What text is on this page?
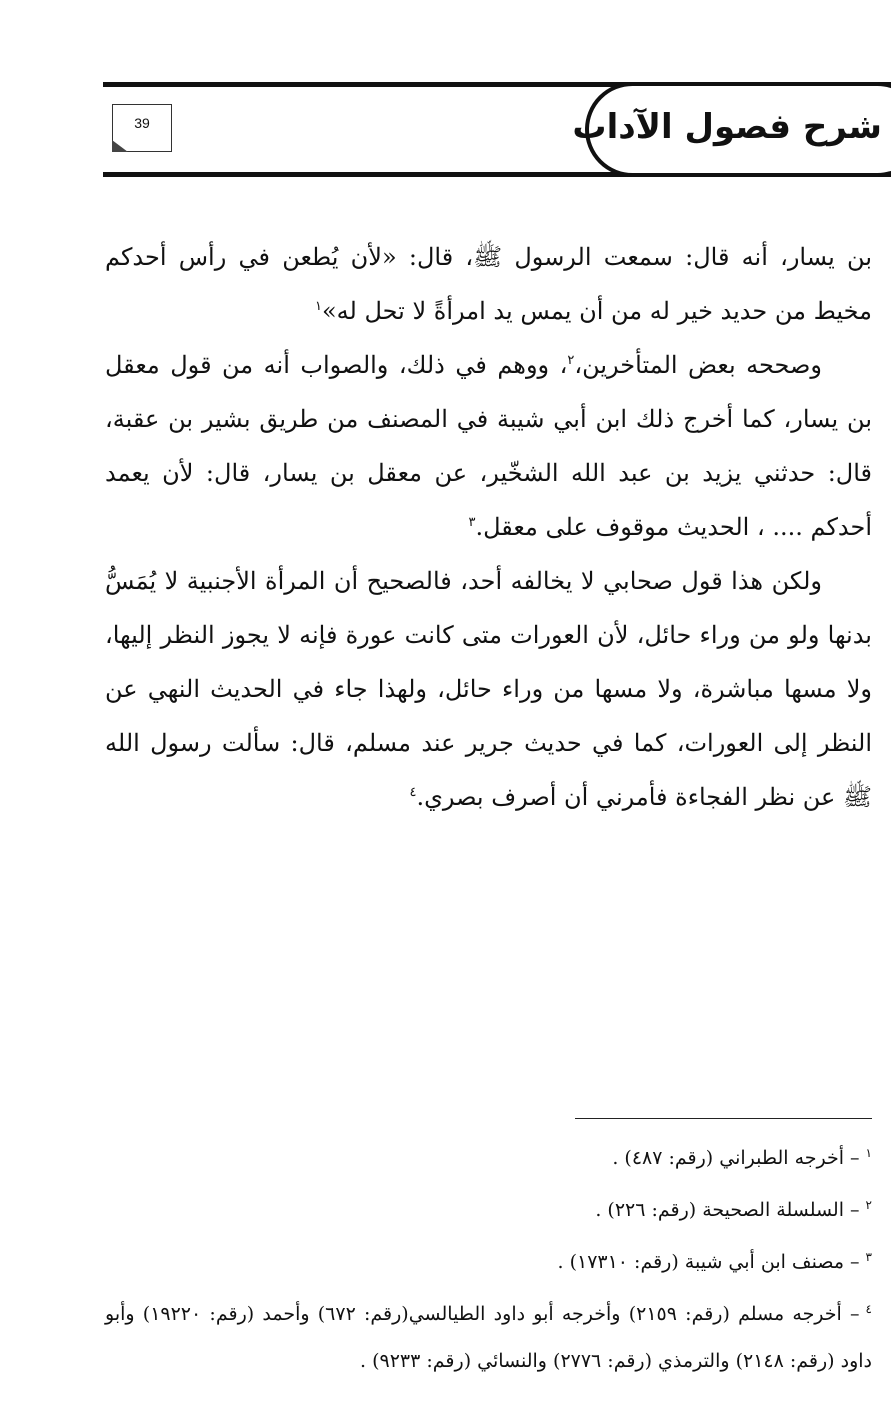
شرح فصول الآداب
39

بن يسار، أنه قال: سمعت الرسول ﷺ، قال: «لأن يُطعن في رأس أحدكم مخيط من حديد خير له من أن يمس يد امرأةً لا تحل له»$^١$

وصححه بعض المتأخرين،$^٢$، ووهم في ذلك، والصواب أنه من قول معقل بن يسار، كما أخرج ذلك ابن أبي شيبة في المصنف من طريق بشير بن عقبة، قال: حدثني يزيد بن عبد الله الشخّير، عن معقل بن يسار، قال: لأن يعمد أحدكم .... ، الحديث موقوف على معقل.$^٣$

ولكن هذا قول صحابي لا يخالفه أحد، فالصحيح أن المرأة الأجنبية لا يُمَسُّ بدنها ولو من وراء حائل، لأن العورات متى كانت عورة فإنه لا يجوز النظر إليها، ولا مسها مباشرة، ولا مسها من وراء حائل، ولهذا جاء في الحديث النهي عن النظر إلى العورات، كما في حديث جرير عند مسلم، قال: سألت رسول الله ﷺ عن نظر الفجاءة فأمرني أن أصرف بصري.$^٤$

$^١$– أخرجه الطبراني (رقم: ٤٨٧) .

$^٢$– السلسلة الصحيحة (رقم: ٢٢٦) .

$^٣$– مصنف ابن أبي شيبة (رقم: ١٧٣١٠) .

$^٤$– أخرجه مسلم (رقم: ٢١٥٩) وأخرجه أبو داود الطيالسي(رقم: ٦٧٢) وأحمد (رقم: ١٩٢٢٠) وأبو داود (رقم: ٢١٤٨) والترمذي (رقم: ٢٧٧٦) والنسائي (رقم: ٩٢٣٣) .
